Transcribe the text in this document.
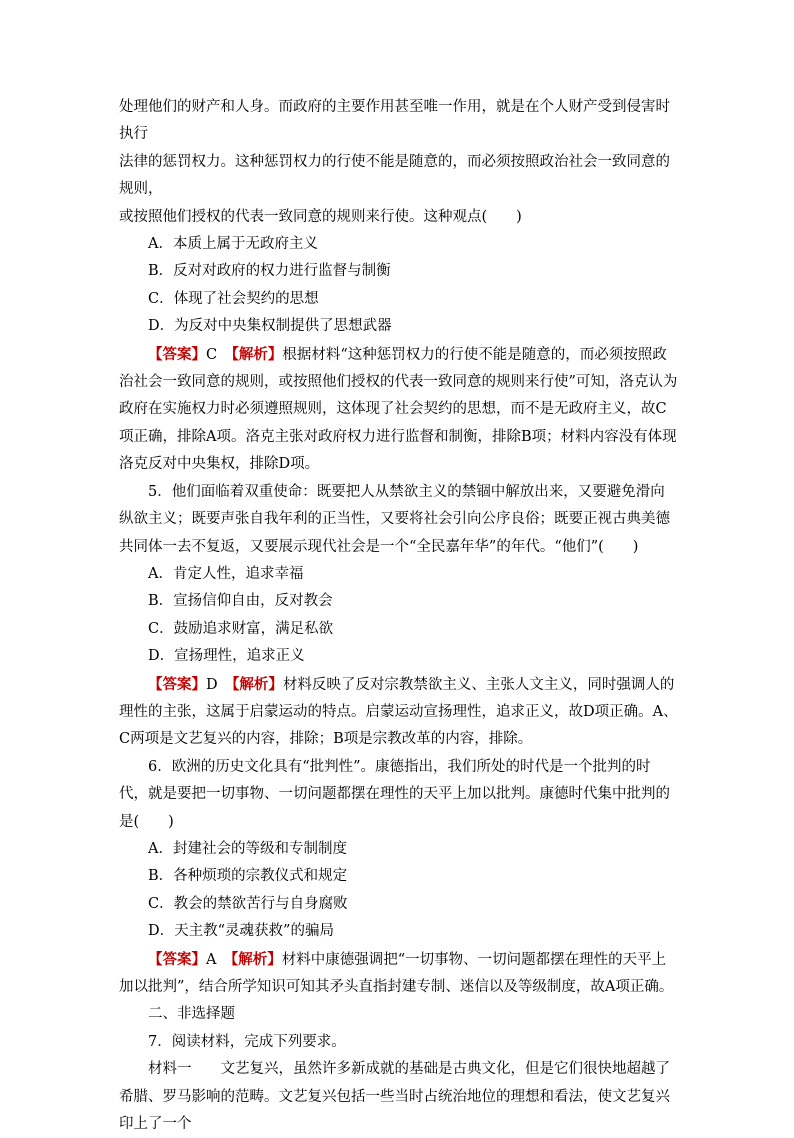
处理他们的财产和人身。而政府的主要作用甚至唯一作用，就是在个人财产受到侵害时执行

法律的惩罚权力。这种惩罚权力的行使不能是随意的，而必须按照政治社会一致同意的规则，

或按照他们授权的代表一致同意的规则来行使。这种观点(　　)

A．本质上属于无政府主义

B．反对对政府的权力进行监督与制衡

C．体现了社会契约的思想

D．为反对中央集权制提供了思想武器

【答案】C　 【解析】根据材料“这种惩罚权力的行使不能是随意的，而必须按照政治社会一致同意的规则，或按照他们授权的代表一致同意的规则来行使”可知，洛克认为政府在实施权力时必须遵照规则，这体现了社会契约的思想，而不是无政府主义，故C项正确，排除A项。洛克主张对政府权力进行监督和制衡，排除B项；材料内容没有体现洛克反对中央集权，排除D项。

5．他们面临着双重使命：既要把人从禁欲主义的禁锢中解放出来，又要避免滑向纵欲主义；既要声张自我年利的正当性，又要将社会引向公序良俗；既要正视古典美德共同体一去不复返，又要展示现代社会是一个“全民嘉年华”的年代。“他们”(　　)

A．肯定人性，追求幸福

B．宣扬信仰自由，反对教会

C．鼓励追求财富，满足私欲

D．宣扬理性，追求正义

【答案】D　 【解析】材料反映了反对宗教禁欲主义、主张人文主义，同时强调人的理性的主张，这属于启蒙运动的特点。启蒙运动宣扬理性，追求正义，故D项正确。A、C两项是文艺复兴的内容，排除；B项是宗教改革的内容，排除。

6．欧洲的历史文化具有“批判性”。康德指出，我们所处的时代是一个批判的时代，就是要把一切事物、一切问题都摆在理性的天平上加以批判。康德时代集中批判的是(　　)

A．封建社会的等级和专制制度

B．各种烦琐的宗教仪式和规定

C．教会的禁欲苦行与自身腐败

D．天主教“灵魂获救”的骗局

【答案】A　 【解析】材料中康德强调把“一切事物、一切问题都摆在理性的天平上加以批判”，结合所学知识可知其矛头直指封建专制、迷信以及等级制度，故A项正确。

二、非选择题

7．阅读材料，完成下列要求。

材料一　　文艺复兴，虽然许多新成就的基础是古典文化，但是它们很快地超越了希腊、罗马影响的范畴。文艺复兴包括一些当时占统治地位的理想和看法，使文艺复兴印上了一个
